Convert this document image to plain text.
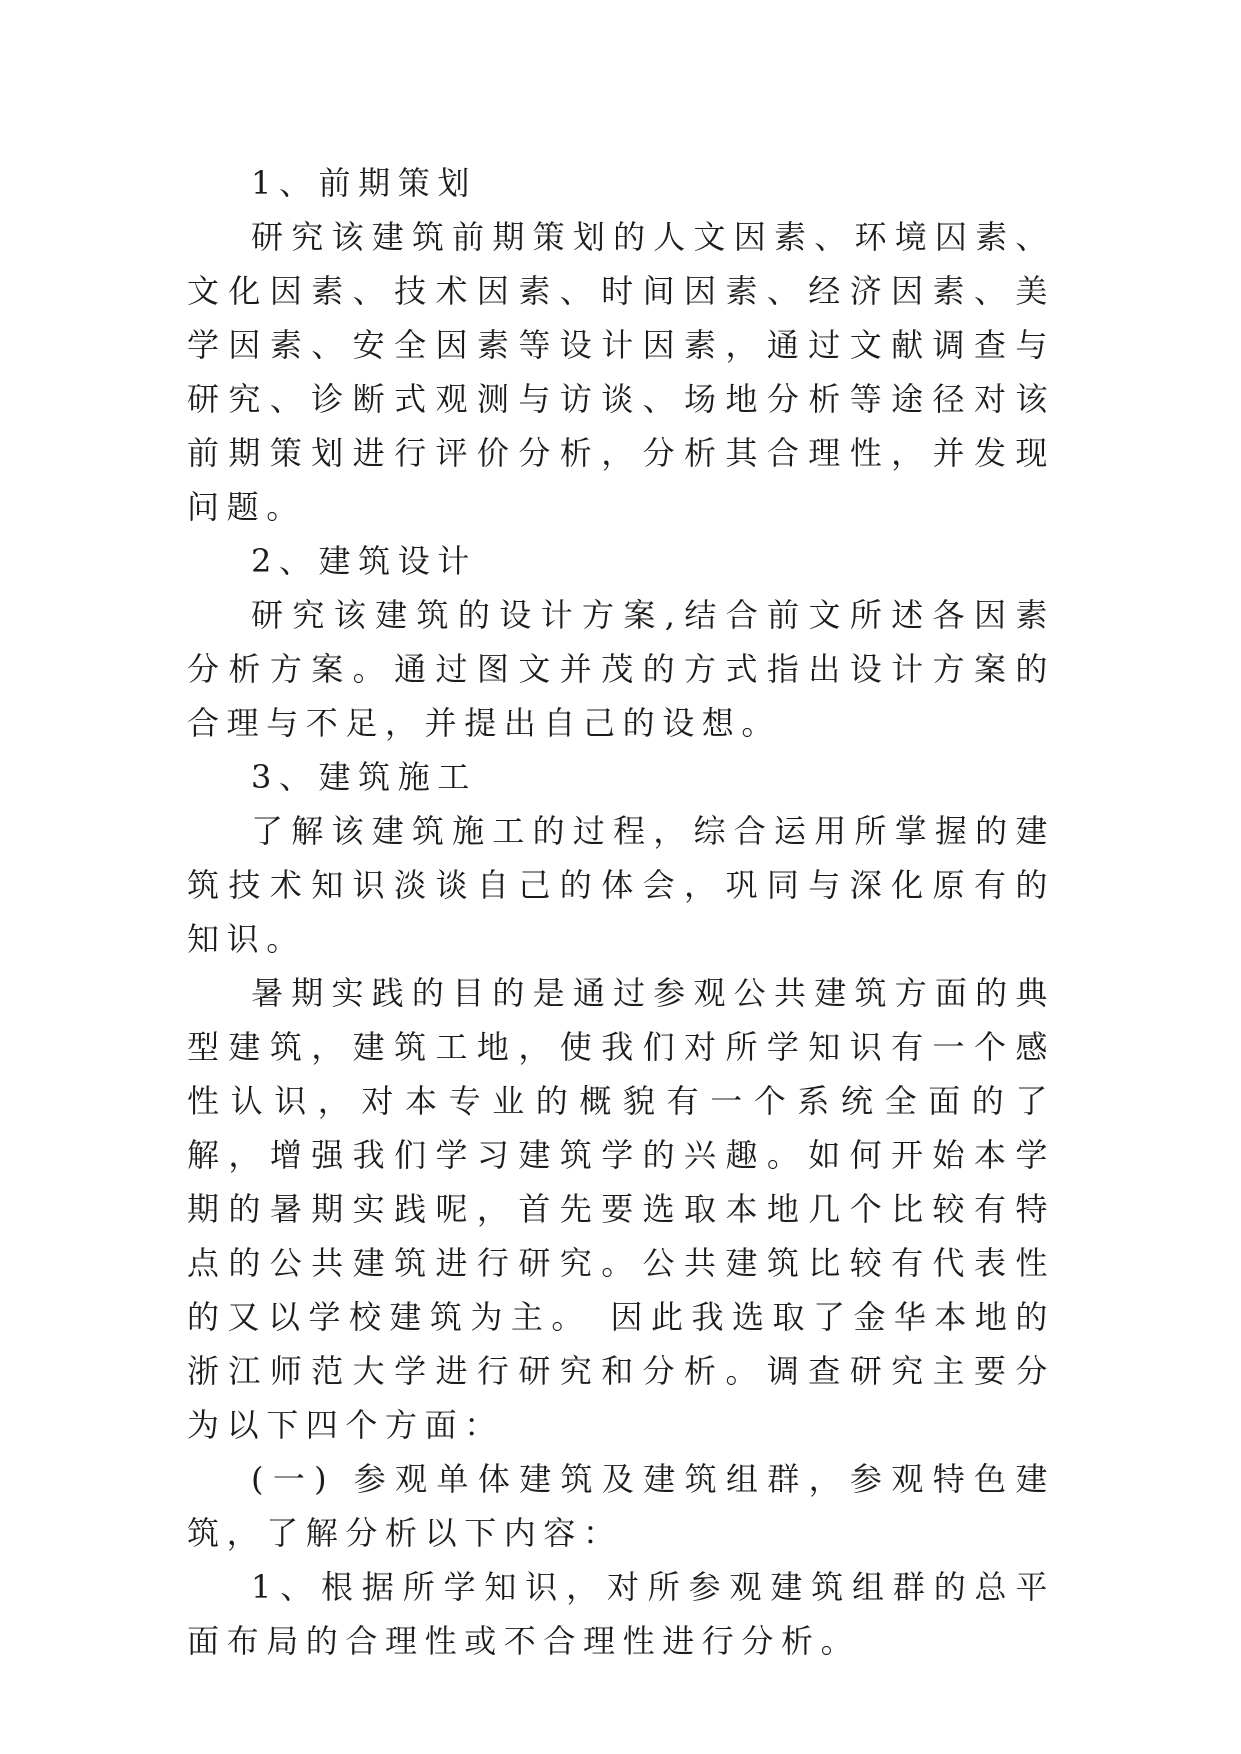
1、前期策划

研究该建筑前期策划的人文因素、环境囚素、文化因素、技术因素、时间因素、经济因素、美学因素、安全因素等设计因素，通过文献调查与研究、诊断式观测与访谈、场地分析等途径对该前期策划进行评价分析，分析其合理性，并发现问题。

2、建筑设计

研究该建筑的设计方案,结合前文所述各因素分析方案。通过图文并茂的方式指出设计方案的合理与不足，并提出自己的设想。

3、建筑施工

了解该建筑施工的过程，综合运用所掌握的建筑技术知识淡谈自己的体会，巩同与深化原有的知识。

暑期实践的目的是通过参观公共建筑方面的典型建筑，建筑工地，使我们对所学知识有一个感性认识，对本专业的概貌有一个系统全面的了解，增强我们学习建筑学的兴趣。如何开始本学期的暑期实践呢，首先要选取本地几个比较有特点的公共建筑进行研究。公共建筑比较有代表性的又以学校建筑为主。 因此我选取了金华本地的浙江师范大学进行研究和分析。调查研究主要分为以下四个方面：

(一) 参观单体建筑及建筑组群，参观特色建筑，了解分析以下内容：

1、根据所学知识，对所参观建筑组群的总平面布局的合理性或不合理性进行分析。
